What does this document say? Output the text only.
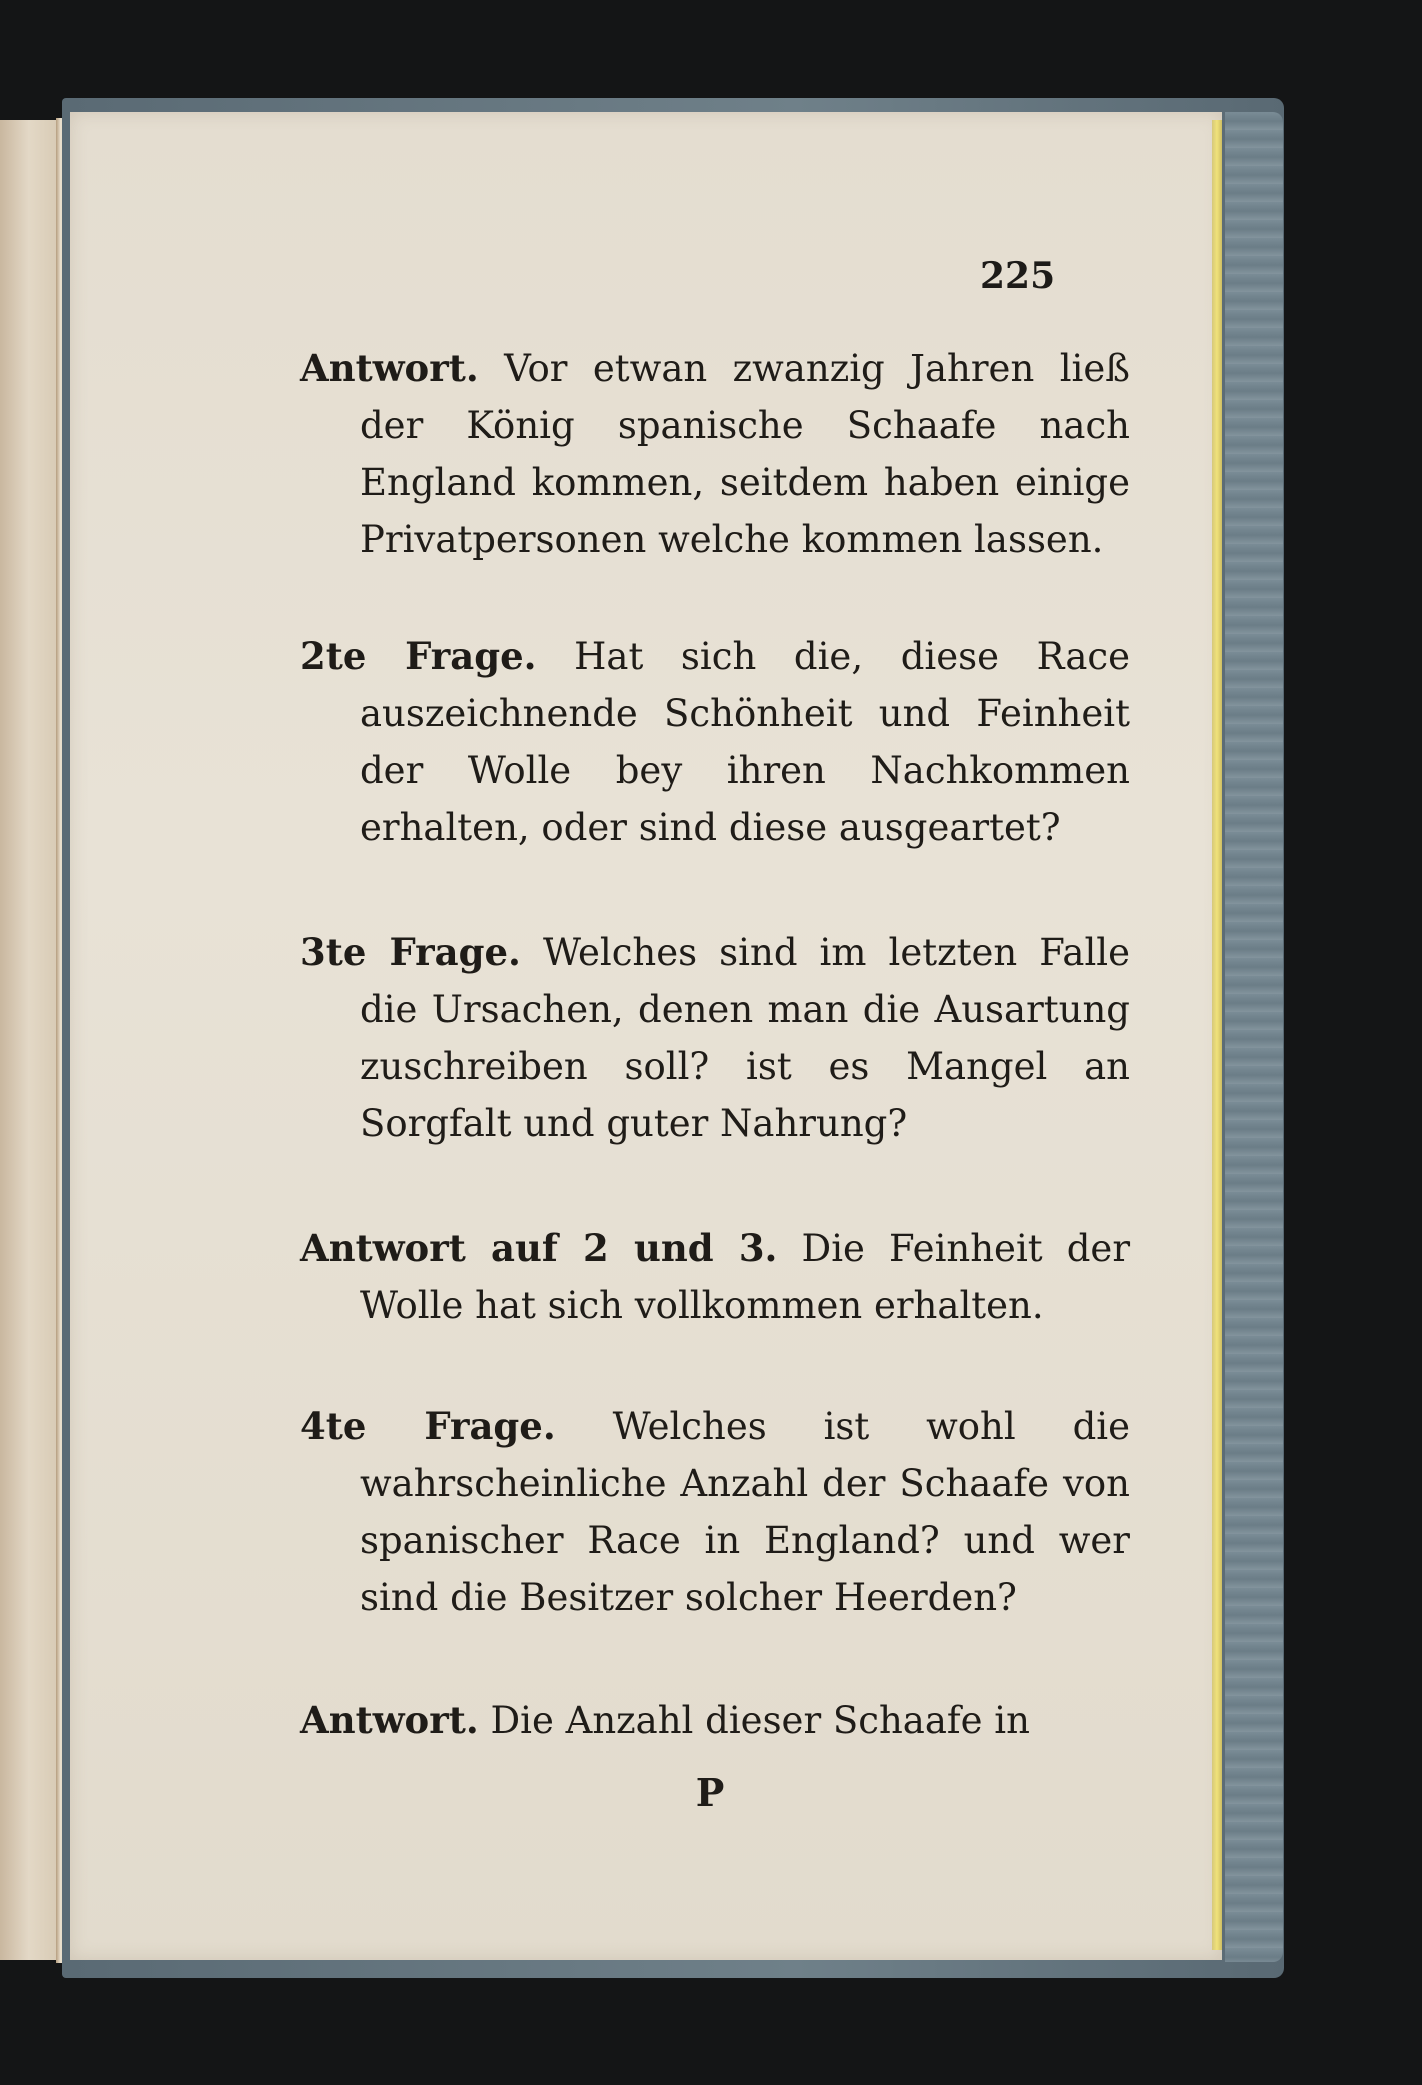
225

Antwort. Vor etwan zwanzig Jahren ließ der König spanische Schaafe nach England kommen, seitdem haben einige Privatpersonen welche kommen lassen.

2te Frage. Hat sich die, diese Race auszeichnende Schönheit und Feinheit der Wolle bey ihren Nachkommen erhalten, oder sind diese ausgeartet?

3te Frage. Welches sind im letzten Falle die Ursachen, denen man die Ausartung zuschreiben soll? ist es Mangel an Sorgfalt und guter Nahrung?

Antwort auf 2 und 3. Die Feinheit der Wolle hat sich vollkommen erhalten.

4te Frage. Welches ist wohl die wahrscheinliche Anzahl der Schaafe von spanischer Race in England? und wer sind die Besitzer solcher Heerden?

Antwort. Die Anzahl dieser Schaafe in

P
